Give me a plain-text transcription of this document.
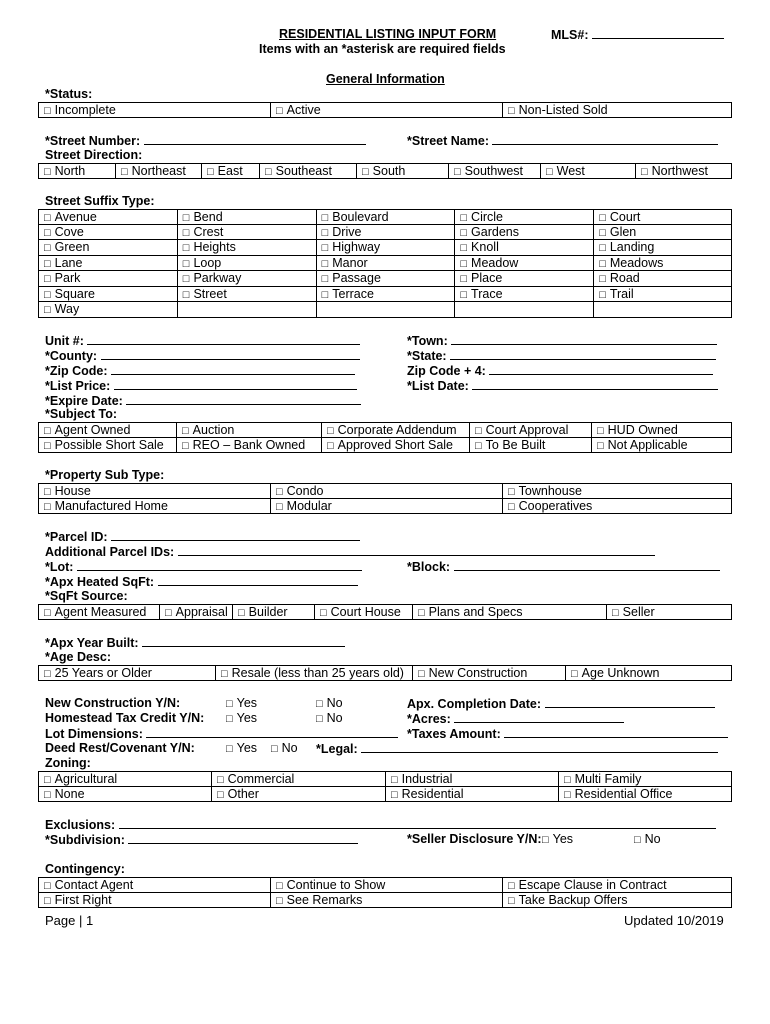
RESIDENTIAL LISTING INPUT FORM	MLS#:
Items with an *asterisk are required fields
General Information
*Status:
□ Incomplete	□ Active	□ Non-Listed Sold
*Street Number:	*Street Name:
Street Direction:
□ North	□ Northeast	□ East	□ Southeast	□ South	□ Southwest	□ West	□ Northwest
Street Suffix Type:
□ Avenue	□ Bend	□ Boulevard	□ Circle	□ Court
□ Cove	□ Crest	□ Drive	□ Gardens	□ Glen
□ Green	□ Heights	□ Highway	□ Knoll	□ Landing
□ Lane	□ Loop	□ Manor	□ Meadow	□ Meadows
□ Park	□ Parkway	□ Passage	□ Place	□ Road
□ Square	□ Street	□ Terrace	□ Trace	□ Trail
□ Way
Unit #:	*Town:
*County:	*State:
*Zip Code:	Zip Code + 4:
*List Price:	*List Date:
*Expire Date:
*Subject To:
□ Agent Owned	□ Auction	□ Corporate Addendum	□ Court Approval	□ HUD Owned
□ Possible Short Sale	□ REO – Bank Owned	□ Approved Short Sale	□ To Be Built	□ Not Applicable
*Property Sub Type:
□ House	□ Condo	□ Townhouse
□ Manufactured Home	□ Modular	□ Cooperatives
*Parcel ID:
Additional Parcel IDs:
*Lot:	*Block:
*Apx Heated SqFt:
*SqFt Source:
□ Agent Measured	□ Appraisal	□ Builder	□ Court House	□ Plans and Specs	□ Seller
*Apx Year Built:
*Age Desc:
□ 25 Years or Older	□ Resale (less than 25 years old)	□ New Construction	□ Age Unknown
New Construction Y/N:	□ Yes	□ No	Apx. Completion Date:
Homestead Tax Credit Y/N:	□ Yes	□ No	*Acres:
Lot Dimensions:	*Taxes Amount:
Deed Rest/Covenant Y/N:	□ Yes	□ No *Legal:
Zoning:
□ Agricultural	□ Commercial	□ Industrial	□ Multi Family
□ None	□ Other	□ Residential	□ Residential Office
Exclusions:
*Subdivision:	*Seller Disclosure Y/N: □ Yes	□ No
Contingency:
□ Contact Agent	□ Continue to Show	□ Escape Clause in Contract
□ First Right	□ See Remarks	□ Take Backup Offers
Page | 1	Updated 10/2019
